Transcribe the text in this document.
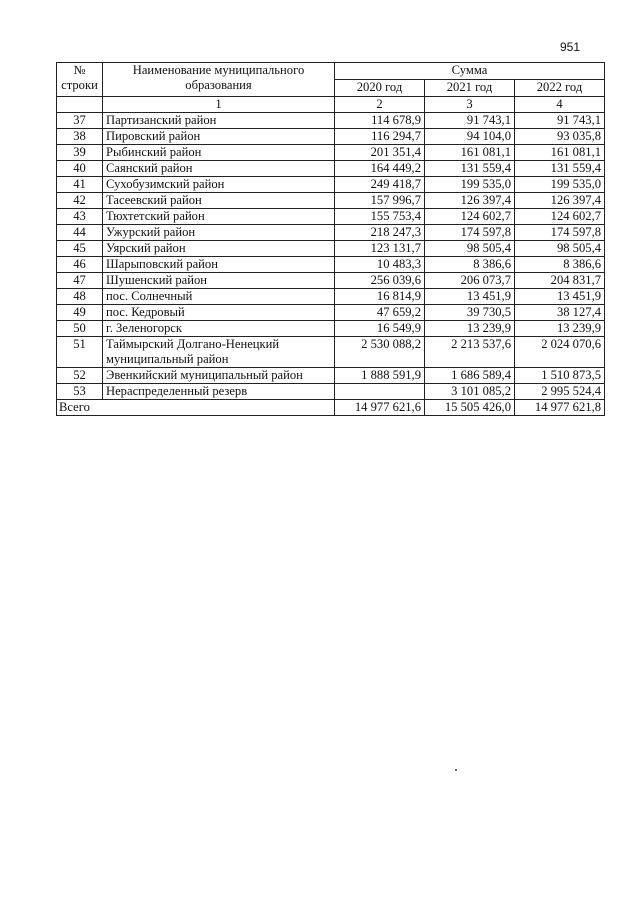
951
№ строки	Наименование муниципального образования	Сумма		
		2020 год	2021 год	2022 год
	1	2	3	4
37	Партизанский район	114 678,9	91 743,1	91 743,1
38	Пировский район	116 294,7	94 104,0	93 035,8
39	Рыбинский район	201 351,4	161 081,1	161 081,1
40	Саянский район	164 449,2	131 559,4	131 559,4
41	Сухобузимский район	249 418,7	199 535,0	199 535,0
42	Тасеевский район	157 996,7	126 397,4	126 397,4
43	Тюхтетский район	155 753,4	124 602,7	124 602,7
44	Ужурский район	218 247,3	174 597,8	174 597,8
45	Уярский район	123 131,7	98 505,4	98 505,4
46	Шарыповский район	10 483,3	8 386,6	8 386,6
47	Шушенский район	256 039,6	206 073,7	204 831,7
48	пос. Солнечный	16 814,9	13 451,9	13 451,9
49	пос. Кедровый	47 659,2	39 730,5	38 127,4
50	г. Зеленогорск	16 549,9	13 239,9	13 239,9
51	Таймырский Долгано-Ненецкий муниципальный район	2 530 088,2	2 213 537,6	2 024 070,6
52	Эвенкийский муниципальный район	1 888 591,9	1 686 589,4	1 510 873,5
53	Нераспределенный резерв		3 101 085,2	2 995 524,4
Всего		14 977 621,6	15 505 426,0	14 977 621,8
